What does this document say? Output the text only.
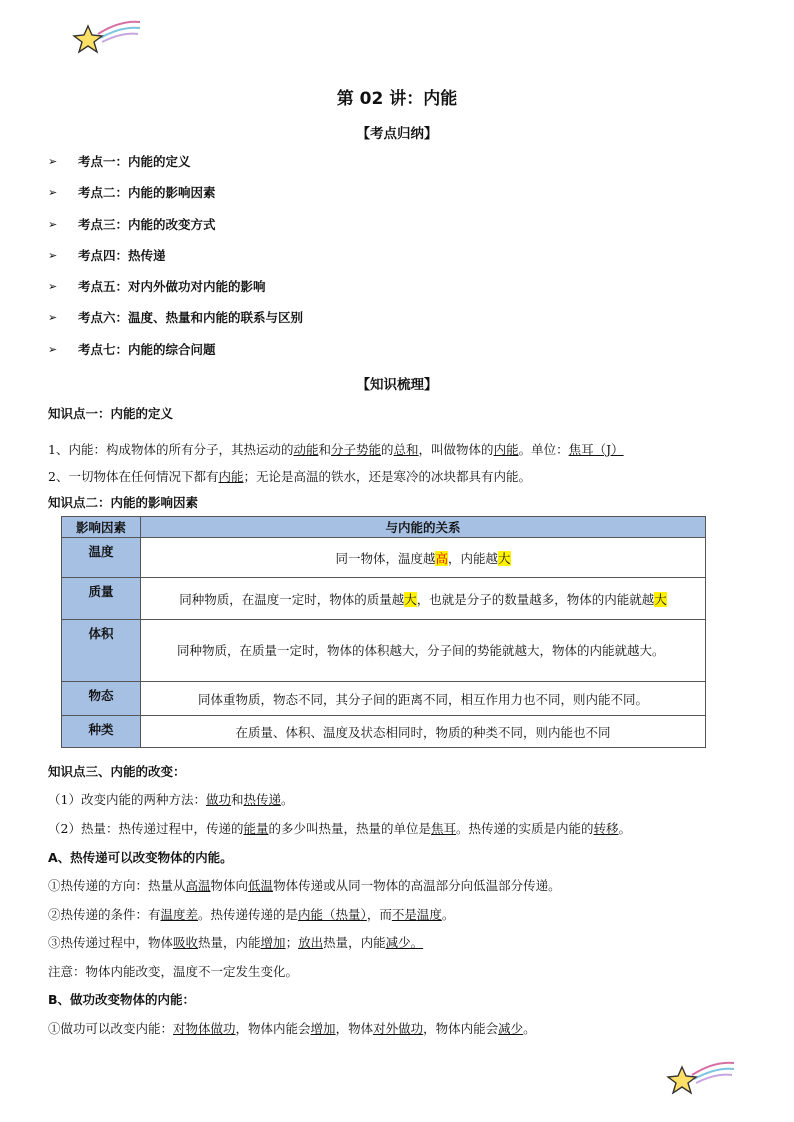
第 02 讲：内能
【考点归纳】
➢	考点一：内能的定义
➢	考点二：内能的影响因素
➢	考点三：内能的改变方式
➢	考点四：热传递
➢	考点五：对内外做功对内能的影响
➢	考点六：温度、热量和内能的联系与区别
➢	考点七：内能的综合问题
【知识梳理】
知识点一：内能的定义
1、内能：构成物体的所有分子，其热运动的动能和分子势能的总和，叫做物体的内能。单位：焦耳（J）
2、一切物体在任何情况下都有内能；无论是高温的铁水，还是寒冷的冰块都具有内能。
知识点二：内能的影响因素
影响因素	与内能的关系
温度	同一物体，温度越高，内能越大
质量	同种物质，在温度一定时，物体的质量越大，也就是分子的数量越多，物体的内能就越大
体积	同种物质，在质量一定时，物体的体积越大，分子间的势能就越大，物体的内能就越大。
物态	同体重物质，物态不同，其分子间的距离不同，相互作用力也不同，则内能不同。
种类	在质量、体积、温度及状态相同时，物质的种类不同，则内能也不同
知识点三、内能的改变：
（1）改变内能的两种方法：做功和热传递。
（2）热量：热传递过程中，传递的能量的多少叫热量，热量的单位是焦耳。热传递的实质是内能的转移。
A、热传递可以改变物体的内能。
①热传递的方向：热量从高温物体向低温物体传递或从同一物体的高温部分向低温部分传递。
②热传递的条件：有温度差。热传递传递的是内能（热量），而不是温度。
③热传递过程中，物体吸收热量，内能增加；放出热量，内能减少。
注意：物体内能改变，温度不一定发生变化。
B、做功改变物体的内能：
①做功可以改变内能：对物体做功，物体内能会增加，物体对外做功，物体内能会减少。
